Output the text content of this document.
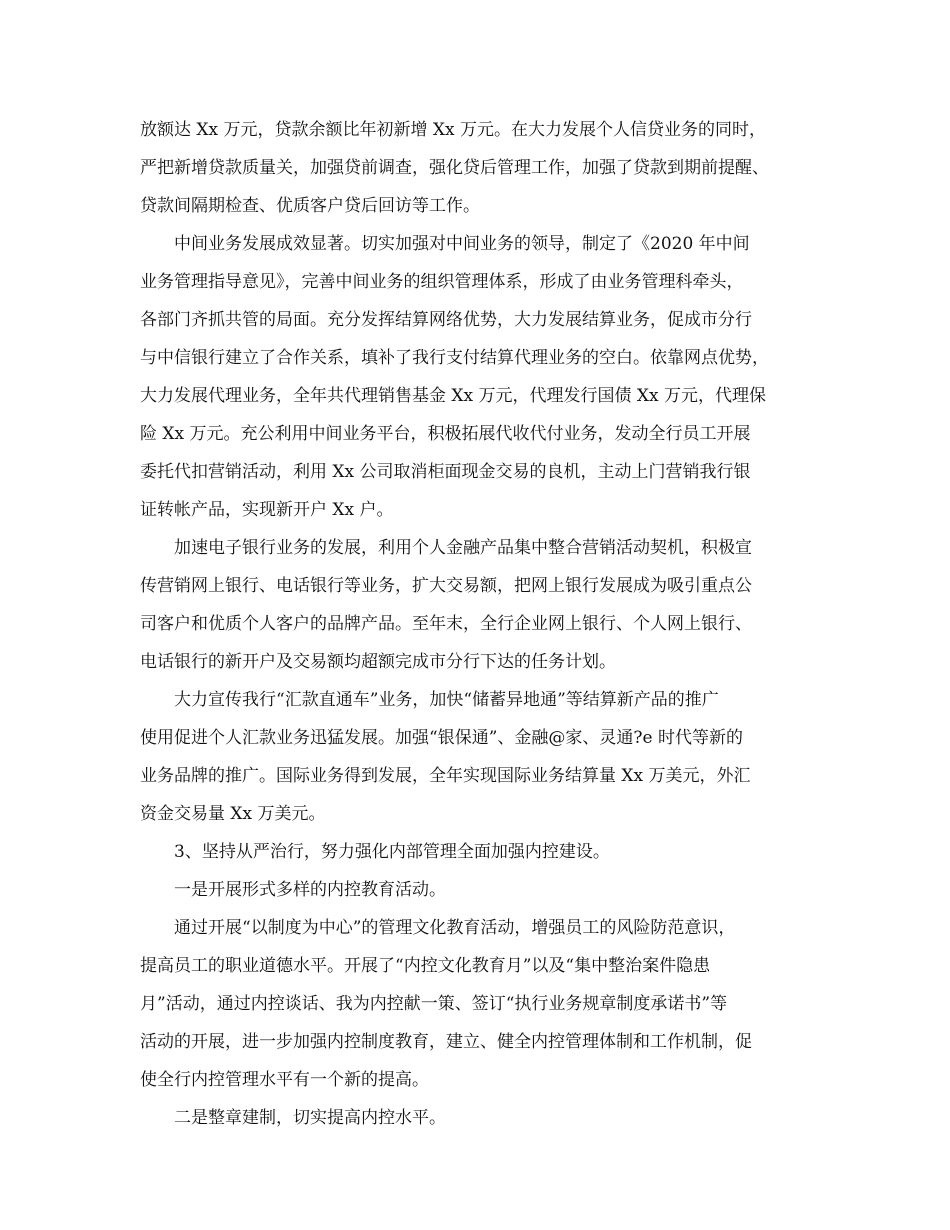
放额达 Xx 万元，贷款余额比年初新增 Xx 万元。在大力发展个人信贷业务的同时，

严把新增贷款质量关，加强贷前调查，强化贷后管理工作，加强了贷款到期前提醒、

贷款间隔期检查、优质客户贷后回访等工作。

中间业务发展成效显著。切实加强对中间业务的领导，制定了《2020 年中间

业务管理指导意见》，完善中间业务的组织管理体系，形成了由业务管理科牵头，

各部门齐抓共管的局面。充分发挥结算网络优势，大力发展结算业务，促成市分行

与中信银行建立了合作关系，填补了我行支付结算代理业务的空白。依靠网点优势，

大力发展代理业务，全年共代理销售基金 Xx 万元，代理发行国债 Xx 万元，代理保

险 Xx 万元。充公利用中间业务平台，积极拓展代收代付业务，发动全行员工开展

委托代扣营销活动，利用 Xx 公司取消柜面现金交易的良机，主动上门营销我行银

证转帐产品，实现新开户 Xx 户。

加速电子银行业务的发展，利用个人金融产品集中整合营销活动契机，积极宣

传营销网上银行、电话银行等业务，扩大交易额，把网上银行发展成为吸引重点公

司客户和优质个人客户的品牌产品。至年末，全行企业网上银行、个人网上银行、

电话银行的新开户及交易额均超额完成市分行下达的任务计划。

大力宣传我行“汇款直通车”业务，加快“储蓄异地通”等结算新产品的推广

使用促进个人汇款业务迅猛发展。加强“银保通”、金融@家、灵通?e 时代等新的

业务品牌的推广。国际业务得到发展，全年实现国际业务结算量 Xx 万美元，外汇

资金交易量 Xx 万美元。

3、坚持从严治行，努力强化内部管理全面加强内控建设。

一是开展形式多样的内控教育活动。

通过开展“以制度为中心”的管理文化教育活动，增强员工的风险防范意识，

提高员工的职业道德水平。开展了“内控文化教育月”以及“集中整治案件隐患

月”活动，通过内控谈话、我为内控献一策、签订“执行业务规章制度承诺书”等

活动的开展，进一步加强内控制度教育，建立、健全内控管理体制和工作机制，促

使全行内控管理水平有一个新的提高。

二是整章建制，切实提高内控水平。
